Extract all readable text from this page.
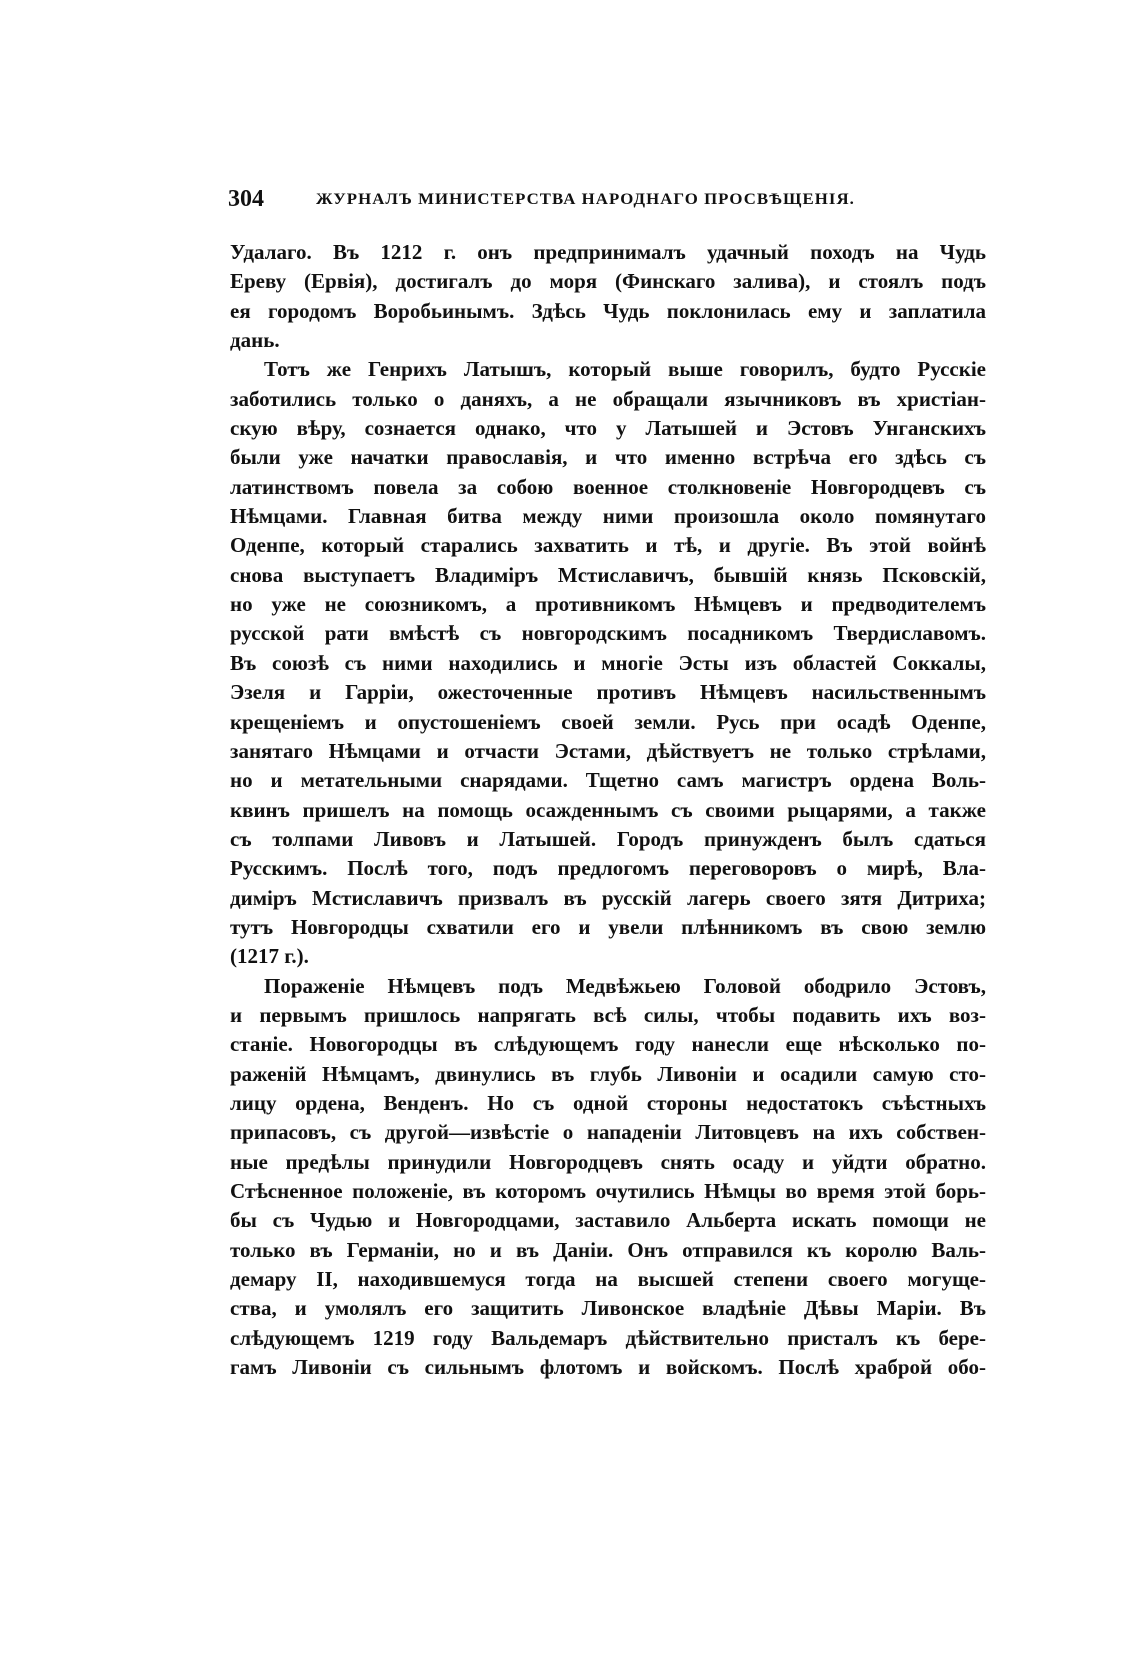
304	ЖУРНАЛЪ МИНИСТЕРСТВА НАРОДНАГО ПРОСВѢЩЕНІЯ.
Удалаго. Въ 1212 г. онъ предпринималъ удачный походъ на Чудь
Ереву (Ервія), достигалъ до моря (Финскаго залива), и стоялъ подъ
ея городомъ Воробьинымъ. Здѣсь Чудь поклонилась ему и заплатила
дань.
Тотъ же Генрихъ Латышъ, который выше говорилъ, будто Русскіе
заботились только о даняхъ, а не обращали язычниковъ въ христіан-
скую вѣру, сознается однако, что у Латышей и Эстовъ Унганскихъ
были уже начатки православія, и что именно встрѣча его здѣсь съ
латинствомъ повела за собою военное столкновеніе Новгородцевъ съ
Нѣмцами. Главная битва между ними произошла около помянутаго
Оденпе, который старались захватить и тѣ, и другіе. Въ этой войнѣ
снова выступаетъ Владиміръ Мстиславичъ, бывшій князь Псковскій,
но уже не союзникомъ, а противникомъ Нѣмцевъ и предводителемъ
русской рати вмѣстѣ съ новгородскимъ посадникомъ Твердиславомъ.
Въ союзѣ съ ними находились и многіе Эсты изъ областей Соккалы,
Эзеля и Гарріи, ожесточенные противъ Нѣмцевъ насильственнымъ
крещеніемъ и опустошеніемъ своей земли. Русь при осадѣ Оденпе,
занятаго Нѣмцами и отчасти Эстами, дѣйствуетъ не только стрѣлами,
но и метательными снарядами. Тщетно самъ магистръ ордена Воль-
квинъ пришелъ на помощь осажденнымъ съ своими рыцарями, а также
съ толпами Ливовъ и Латышей. Городъ принужденъ былъ сдаться
Русскимъ. Послѣ того, подъ предлогомъ переговоровъ о мирѣ, Вла-
диміръ Мстиславичъ призвалъ въ русскій лагерь своего зятя Дитриха;
тутъ Новгородцы схватили его и увели плѣнникомъ въ свою землю
(1217 г.).
Пораженіе Нѣмцевъ подъ Медвѣжьею Головой ободрило Эстовъ,
и первымъ пришлось напрягать всѣ силы, чтобы подавить ихъ воз-
станіе. Новогородцы въ слѣдующемъ году нанесли еще нѣсколько по-
раженій Нѣмцамъ, двинулись въ глубь Ливоніи и осадили самую сто-
лицу ордена, Венденъ. Но съ одной стороны недостатокъ съѣстныхъ
припасовъ, съ другой—извѣстіе о нападеніи Литовцевъ на ихъ собствен-
ные предѣлы принудили Новгородцевъ снять осаду и уйдти обратно.
Стѣсненное положеніе, въ которомъ очутились Нѣмцы во время этой борь-
бы съ Чудью и Новгородцами, заставило Альберта искать помощи не
только въ Германіи, но и въ Даніи. Онъ отправился къ королю Валь-
демару II, находившемуся тогда на высшей степени своего могуще-
ства, и умолялъ его защитить Ливонское владѣніе Дѣвы Маріи. Въ
слѣдующемъ 1219 году Вальдемаръ дѣйствительно присталъ къ бере-
гамъ Ливоніи съ сильнымъ флотомъ и войскомъ. Послѣ храброй обо-
